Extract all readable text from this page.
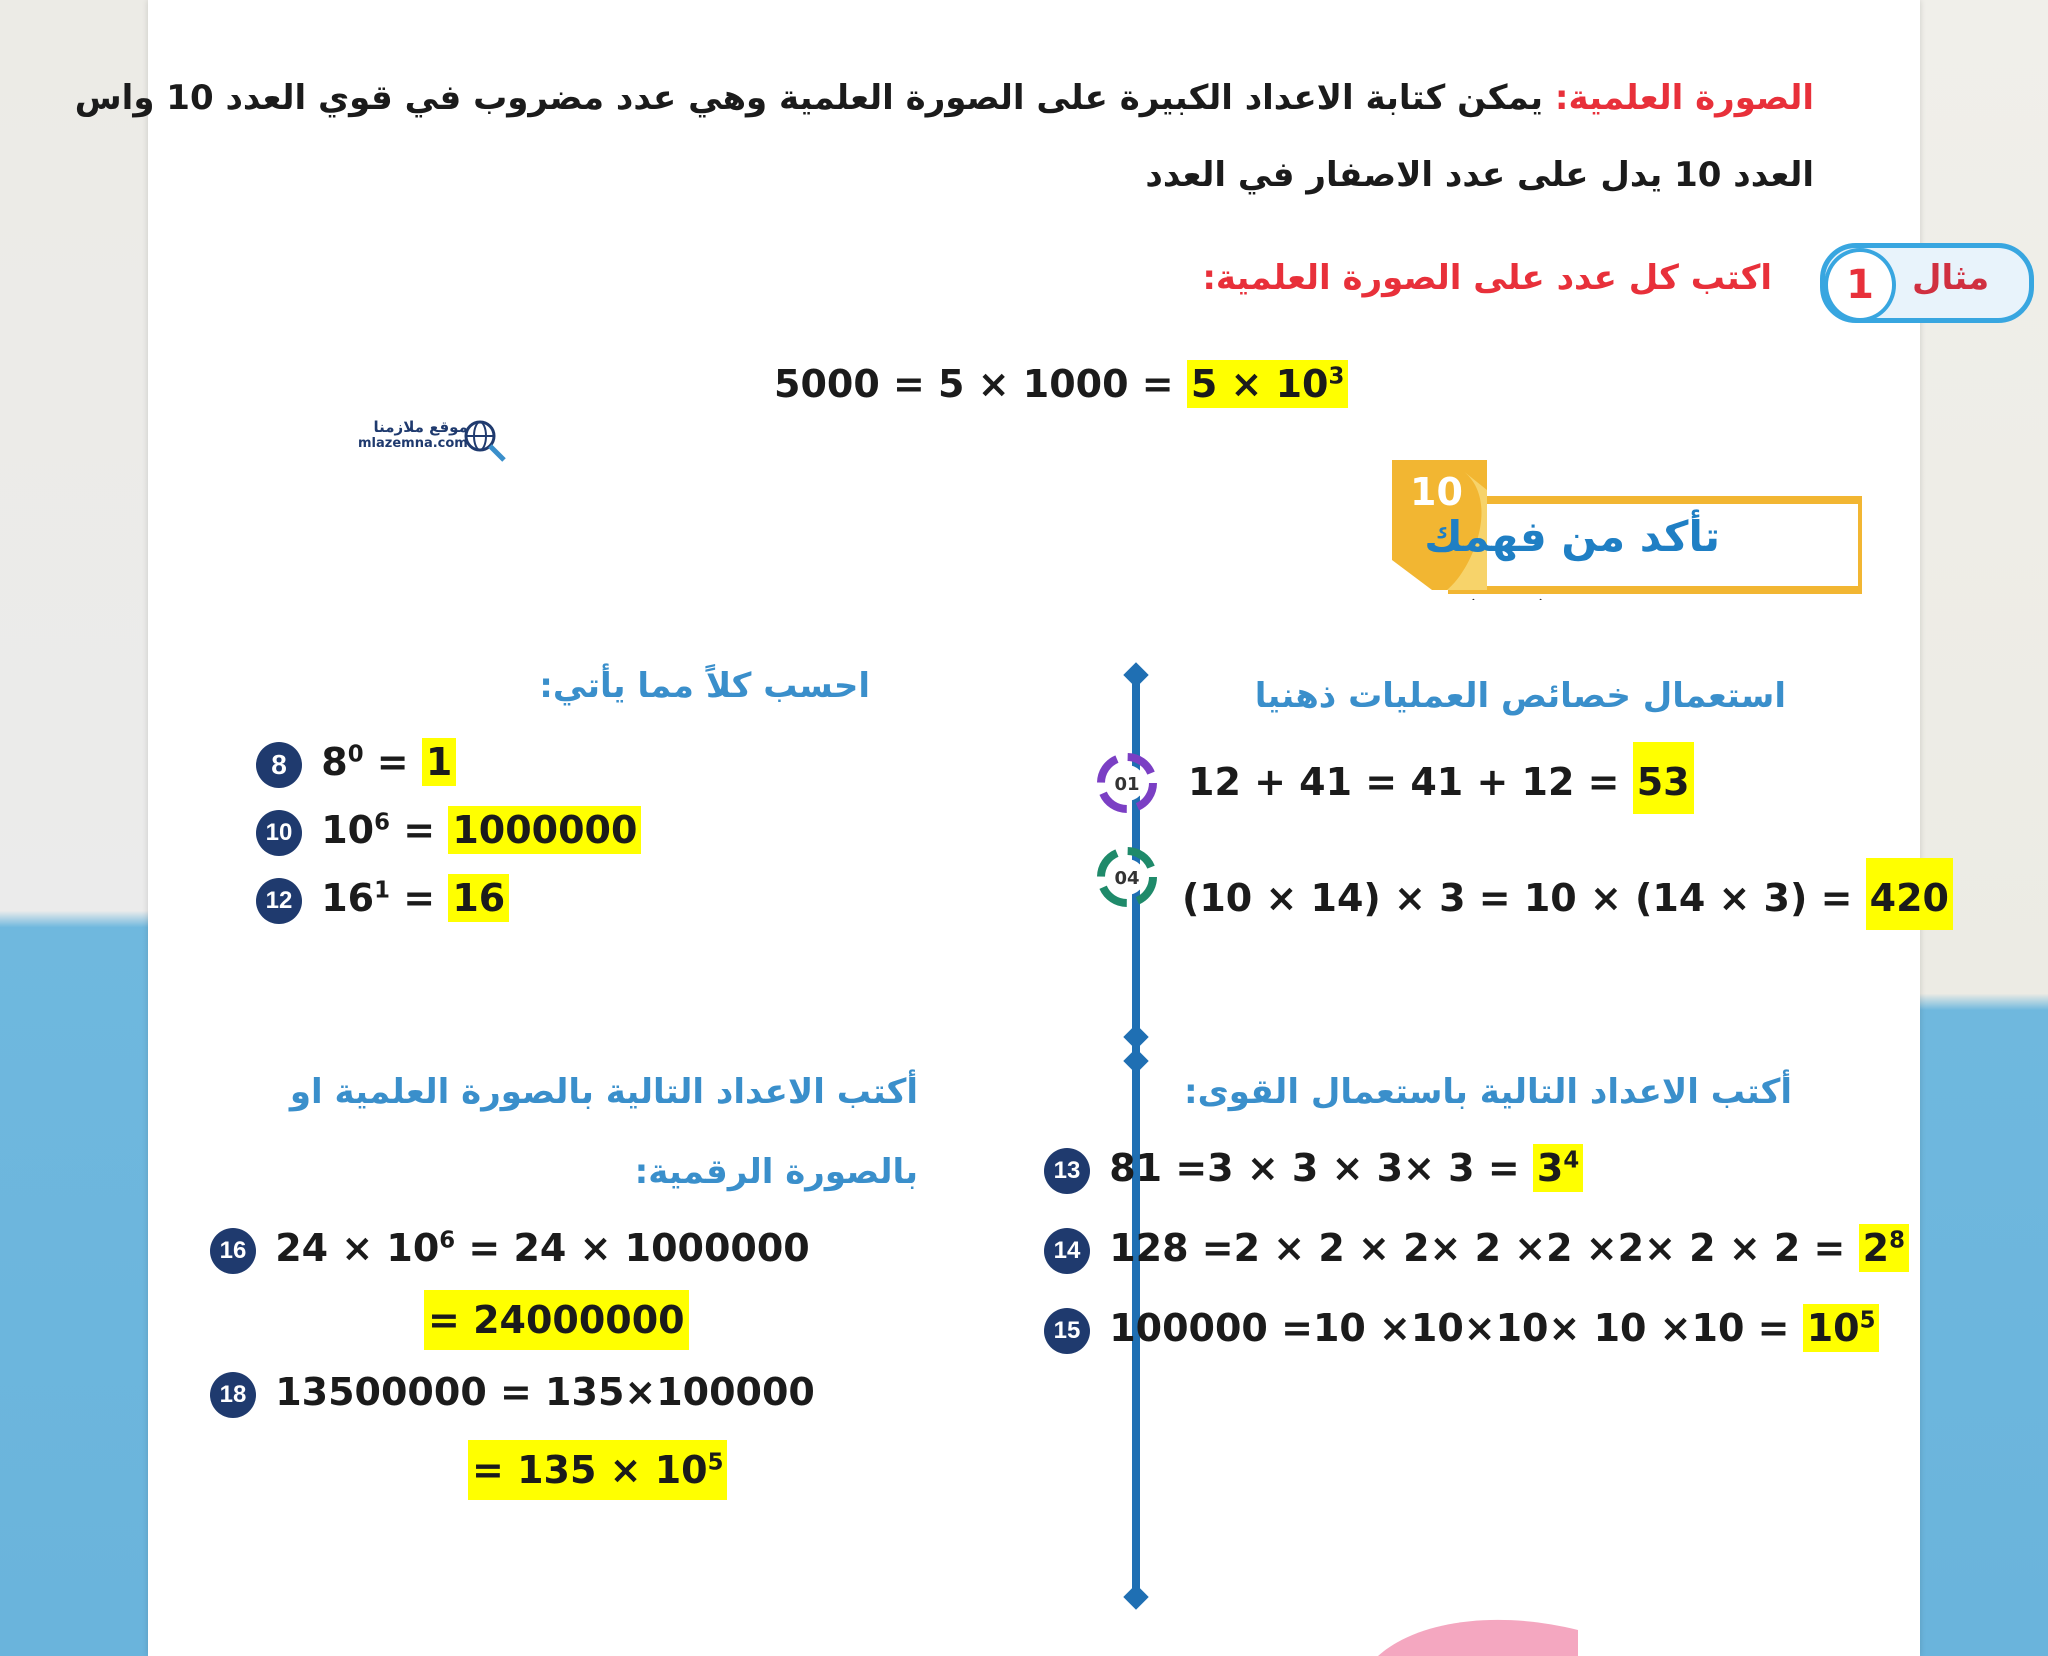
الصورة العلمية: يمكن كتابة الاعداد الكبيرة على الصورة العلمية وهي عدد مضروب في قوي العدد 10 واس
العدد 10 يدل على عدد الاصفار في العدد
مثال
1
اكتب كل عدد على الصورة العلمية:
$5000 = 5 \times 1000 = 5 \times 10^3$
موقع ملازمنا
mlazemna.com
10
تأكد من فهمك
استعمال خصائص العمليات ذهنيا
01 12 + 41 = 41 + 12 = 53
04 (10 × 14) × 3 = 10 × (14 × 3) = 420
احسب كلاً مما يأتي:
8 $8^0 = 1$
10 $10^6 = 1000000$
12 $16^1 = 16$
أكتب الاعداد التالية باستعمال القوى:
13 $81 =3 \times 3 \times 3\times 3 = 3^4$
14 $128 =2 \times 2 \times 2\times 2 \times 2 \times 2\times 2 \times 2 = 2^8$
15 $100000 =10 \times 10\times 10\times 10 \times 10 = 10^5$
أكتب الاعداد التالية بالصورة العلمية او
بالصورة الرقمية:
16 $24 \times 10^6 = 24 \times 1000000$
= 24000000
18 13500000 = 135×100000
= $135 \times 10^5$
